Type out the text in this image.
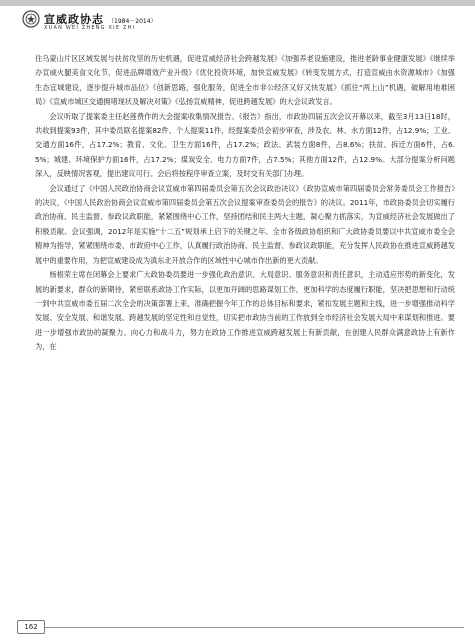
宣威政协志 （1984－2014）
XUAN WEI ZHENG XIE ZHI

住乌蒙山片区区域发展与扶贫攻坚的历史机遇，促进宣威经济社会跨越发展》《加强养老设施建设，推进老龄事业健康发展》《继续举办宣威火腿美食文化节，促进品牌增效产业升级》《优化投资环境，加快宣威发展》《转变发展方式，打造宣威由水资源城市》《加强生态宜城建设，逐步提升城市品位》《创新思路，强化服务，促进全市非公经济又好又快发展》《抓住“两上山”机遇，破解用地难困局》《宣威市城区交通拥堵现状及解决对策》《弘扬宣威精神，促进跨越发展》的大会议政发言。

会议听取了提案委主任赵莲费作的大会提案收集情况报告。《报告》指出，市政协四届五次会议开幕以来，截至3月13日18时，共收到提案93件，其中委员联名提案82件、个人提案11件，经提案委员会初步审查，涉及农、林、水方面12件，占12.9%；工业、交通方面16件，占17.2%；教育、文化、卫生方面16件，占17.2%；政法、武装方面8件，占8.6%；扶贫、拆迁方面6件，占6.5%；城建、环境保护方面16件，占17.2%；煤炭安全、电力方面7件，占7.5%；其他方面12件，占12.9%。大部分提案分析问题深入，反映情况客观，提出建议可行。会后将按程序审查立案，及时交有关部门办理。

会议通过了《中国人民政治协商会议宣威市第四届委员会第五次会议政治决议》《政协宣威市第四届委员会常务委员会工作报告》的决议，《中国人民政治协商会议宣威市第四届委员会第五次会议提案审查委员会的报告》的决议。2011年，市政协委员会切实履行政治协商、民主监督、参政议政职能，紧紧围绕中心工作，坚持团结和民主两大主题，凝心聚力抓落实，为宣威经济社会发展做出了积极贡献。会议强调，2012年是实施“十二五”规划承上启下的关键之年。全市各级政协组织和广大政协委员要以中共宣威市委全会精神为指导，紧紧围绕市委、市政府中心工作，认真履行政治协商、民主监督、参政议政职能，充分发挥人民政协在推进宣威跨越发展中的重要作用，为把宣威建设成为滇东北开放合作的区域性中心城市作出新的更大贡献。

杨根荣主席在闭幕会上要求广大政协委员要进一步强化政治意识、大局意识、服务意识和责任意识，主动适应形势的新变化，发展的新要求，群众的新期待，紧密联系政协工作实际，以更加开阔的思路谋划工作，更加科学的态度履行职能，坚决把思想和行动统一到中共宣威市委五届二次全会的决策部署上来，准确把握今年工作的总体目标和要求，紧扣发展主题和主线，进一步增强推动科学发展、安全发展、和谐发展、跨越发展的坚定性和自觉性，切实把市政协当前的工作放到全市经济社会发展大局中来谋划和推进。要进一步增强市政协的凝聚力、向心力和战斗力，努力在政协工作推进宣威跨越发展上有新贡献，在创建人民群众满意政协上有新作为，在

162
